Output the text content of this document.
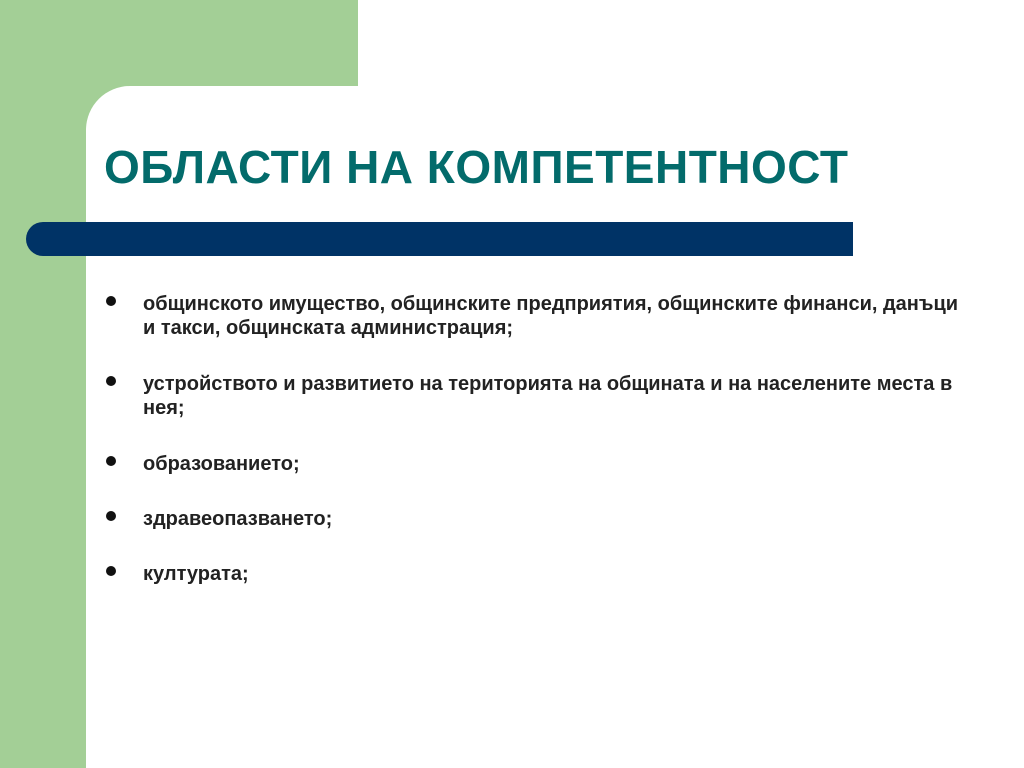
ОБЛАСТИ НА КОМПЕТЕНТНОСТ
общинското имущество, общинските предприятия, общинските финанси, данъци и такси, общинската администрация;
устройството и развитието на територията на общината и на населените места в нея;
образованието;
здравеопазването;
културата;
